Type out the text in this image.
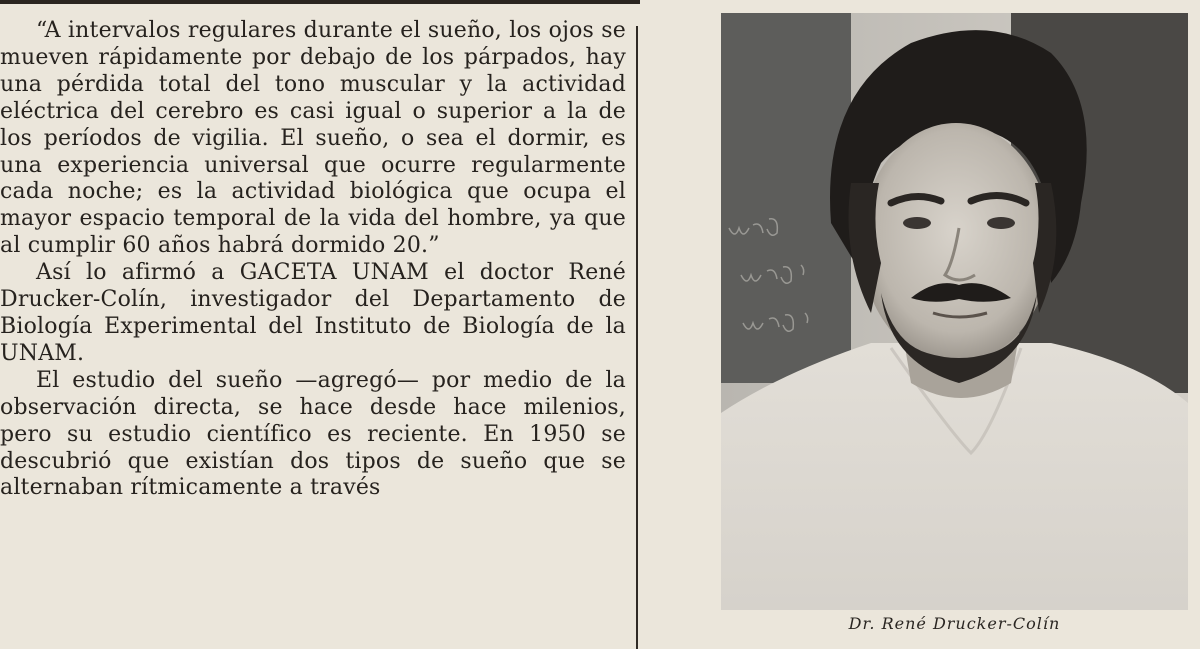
“A intervalos regulares durante el sueño, los ojos se mueven rápidamente por debajo de los párpados, hay una pérdida total del tono muscular y la actividad eléctrica del cerebro es casi igual o superior a la de los períodos de vigilia. El sueño, o sea el dormir, es una experiencia universal que ocurre regularmente cada noche; es la actividad biológica que ocupa el mayor espacio temporal de la vida del hombre, ya que al cumplir 60 años habrá dormido 20.”

Así lo afirmó a GACETA UNAM el doctor René Drucker-Colín, investigador del Departamento de Biología Experimental del Instituto de Biología de la UNAM.

El estudio del sueño —agregó— por medio de la observación directa, se hace desde hace milenios, pero su estudio científico es reciente. En 1950 se descubrió que existían dos tipos de sueño que se alternaban rítmicamente a través

Dr. René Drucker-Colín
